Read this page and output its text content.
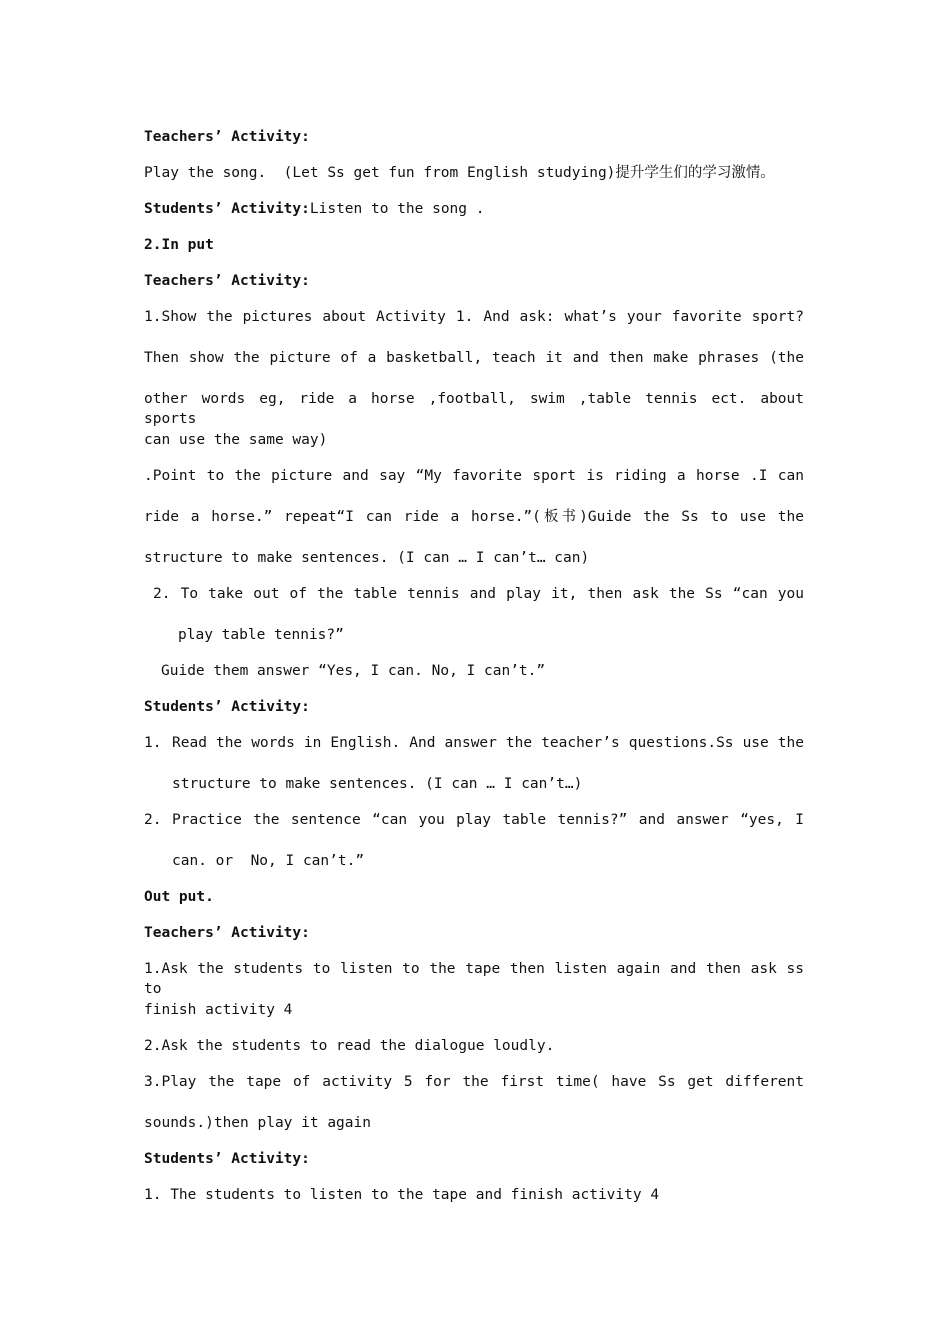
Teachers’ Activity:
Play the song.  (Let Ss get fun from English studying)提升学生们的学习激情。
Students’ Activity:Listen to the song .
2.In put
Teachers’ Activity:
1.Show the pictures about Activity 1. And ask: what’s your favorite sport?
Then show the picture of a basketball, teach it and then make phrases (the
other words eg, ride a horse ,football, swim ,table tennis ect. about sports
can use the same way)
.Point to the picture and say “My favorite sport is riding a horse .I can
ride a horse.” repeat“I can ride a horse.”(板书)Guide the Ss to use the
structure to make sentences. (I can … I can’t… can)
2. To take out of the table tennis and play it, then ask the Ss “can you
play table tennis?”
Guide them answer “Yes, I can. No, I can’t.”
Students’ Activity:
1. Read the words in English. And answer the teacher’s questions.Ss use the
structure to make sentences. (I can … I can’t…)
2. Practice the sentence “can you play table tennis?” and answer “yes, I
can. or  No, I can’t.”
Out put.
Teachers’ Activity:
1.Ask the students to listen to the tape then listen again and then ask ss to
finish activity 4
2.Ask the students to read the dialogue loudly.
3.Play the tape of activity 5 for the first time( have Ss get different
sounds.)then play it again
Students’ Activity:
1. The students to listen to the tape and finish activity 4
